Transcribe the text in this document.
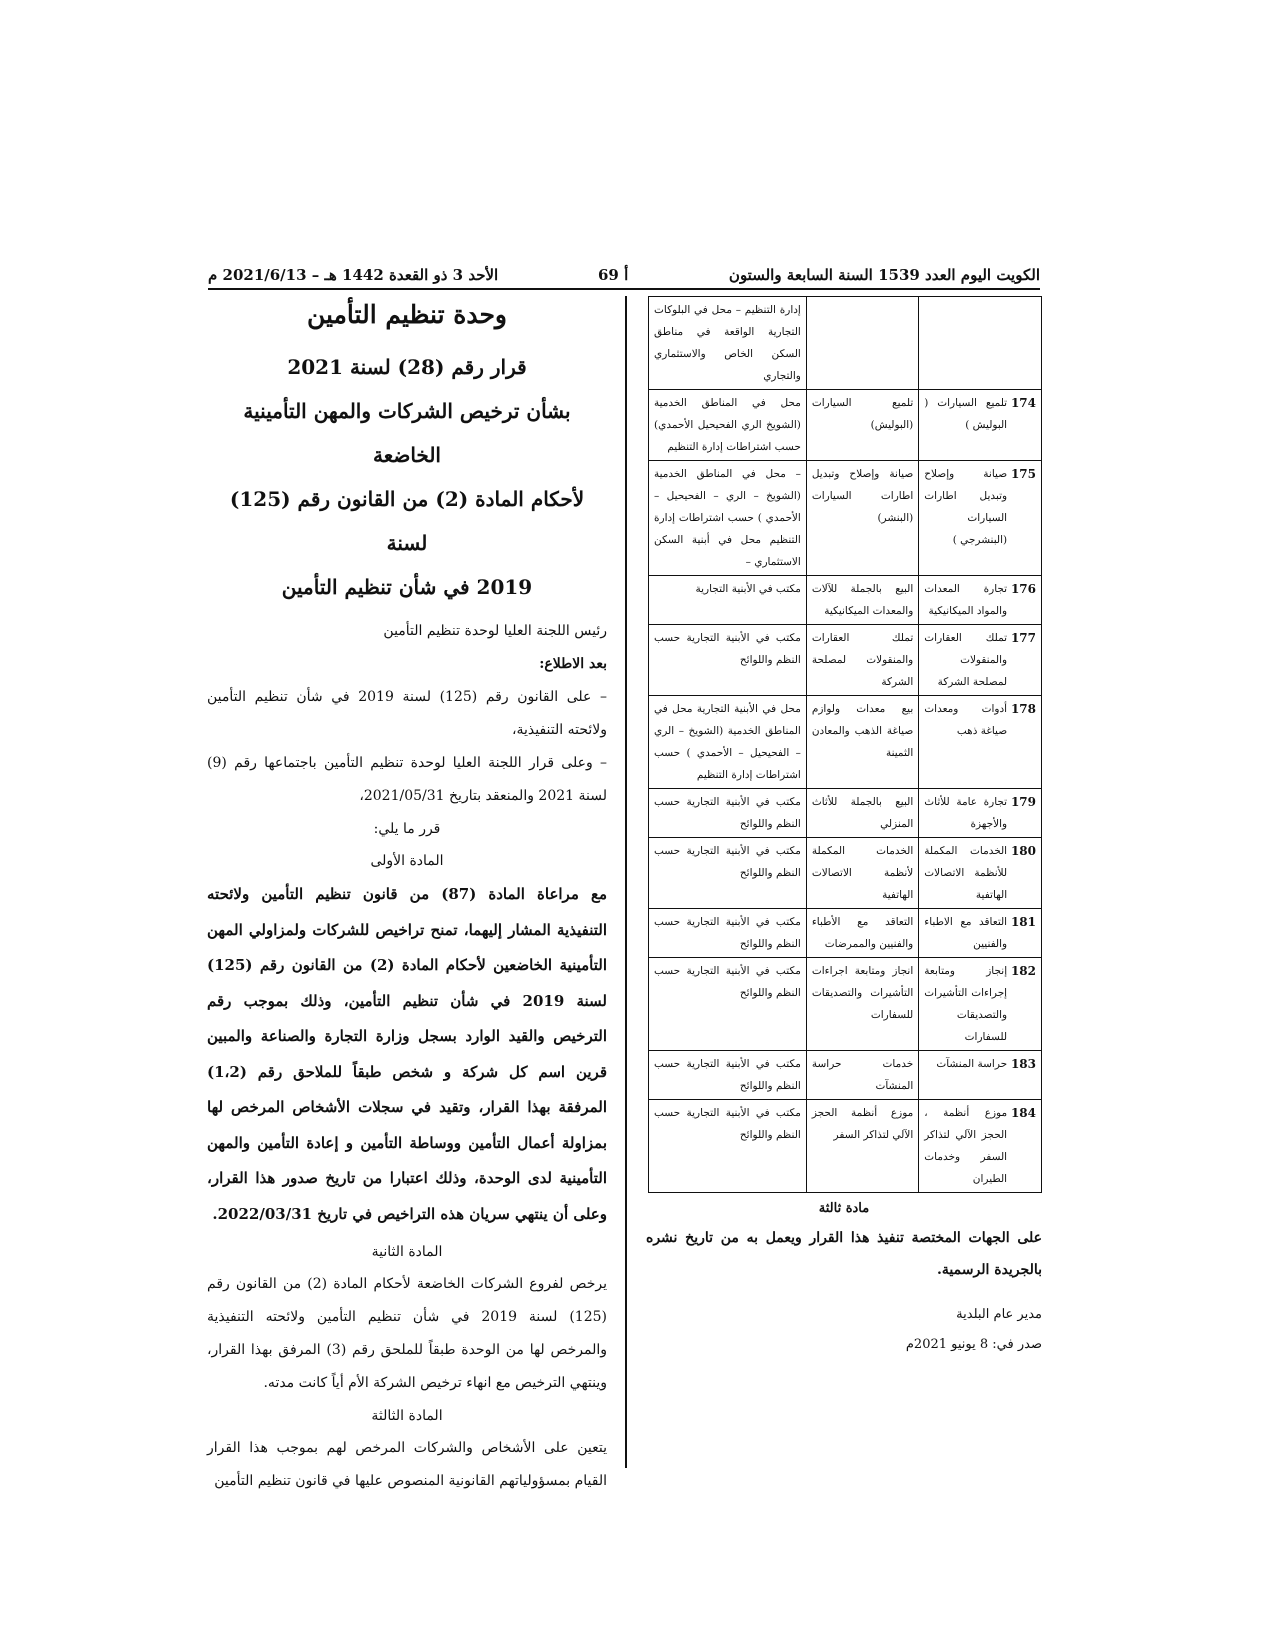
الكويت اليوم العدد 1539 السنة السابعة والستون
أ 69
الأحد 3 ذو القعدة 1442 هـ – 2021/6/13 م

وحدة تنظيم التأمين

قرار رقم (28) لسنة 2021

بشأن ترخيص الشركات والمهن التأمينية الخاضعة

لأحكام المادة (2) من القانون رقم (125) لسنة

2019 في شأن تنظيم التأمين

رئيس اللجنة العليا لوحدة تنظيم التأمين

بعد الاطلاع:

– على القانون رقم (125) لسنة 2019 في شأن تنظيم التأمين ولائحته التنفيذية،

– وعلى قرار اللجنة العليا لوحدة تنظيم التأمين باجتماعها رقم (9) لسنة 2021 والمنعقد بتاريخ 2021/05/31،

قرر ما يلي:

المادة الأولى

مع مراعاة المادة (87) من قانون تنظيم التأمين ولائحته التنفيذية المشار إليهما، تمنح تراخيص للشركات ولمزاولي المهن التأمينية الخاضعين لأحكام المادة (2) من القانون رقم (125) لسنة 2019 في شأن تنظيم التأمين، وذلك بموجب رقم الترخيص والقيد الوارد بسجل وزارة التجارة والصناعة والمبين قرين اسم كل شركة و شخص طبقاً للملاحق رقم (1،2) المرفقة بهذا القرار، وتقيد في سجلات الأشخاص المرخص لها بمزاولة أعمال التأمين ووساطة التأمين و إعادة التأمين والمهن التأمينية لدى الوحدة، وذلك اعتبارا من تاريخ صدور هذا القرار، وعلى أن ينتهي سريان هذه التراخيص في تاريخ 2022/03/31.

المادة الثانية

يرخص لفروع الشركات الخاضعة لأحكام المادة (2) من القانون رقم (125) لسنة 2019 في شأن تنظيم التأمين ولائحته التنفيذية والمرخص لها من الوحدة طبقاً للملحق رقم (3) المرفق بهذا القرار، وينتهي الترخيص مع انهاء ترخيص الشركة الأم أياً كانت مدته.

المادة الثالثة

يتعين على الأشخاص والشركات المرخص لهم بموجب هذا القرار القيام بمسؤولياتهم القانونية المنصوص عليها في قانون تنظيم التأمين

			إدارة التنظيم – محل في البلوكات التجارية الواقعة في مناطق السكن الخاص والاستثماري والتجاري
174	تلميع السيارات ( البوليش )	تلميع السيارات (البوليش)	محل في المناطق الخدمية (الشويخ الري الفحيحيل الأحمدي) حسب اشتراطات إدارة التنظيم
175	صيانة وإصلاح وتبديل اطارات السيارات (البنشرجي )	صيانة وإصلاح وتبديل اطارات السيارات (البنشر)	– محل في المناطق الخدمية (الشويخ – الري – الفحيحيل – الأحمدي ) حسب اشتراطات إدارة التنظيم محل في أبنية السكن الاستثماري –
176	تجارة المعدات والمواد الميكانيكية	البيع بالجملة للآلات والمعدات الميكانيكية	مكتب في الأبنية التجارية
177	تملك العقارات والمنقولات لمصلحة الشركة	تملك العقارات والمنقولات لمصلحة الشركة	مكتب في الأبنية التجارية حسب النظم واللوائح
178	أدوات ومعدات صياغة ذهب	بيع معدات ولوازم صياغة الذهب والمعادن الثمينة	محل في الأبنية التجارية محل في المناطق الخدمية (الشويخ – الري – الفحيحيل – الأحمدي ) حسب اشتراطات إدارة التنظيم
179	تجارة عامة للأثاث والأجهزة	البيع بالجملة للأثاث المنزلي	مكتب في الأبنية التجارية حسب النظم واللوائح
180	الخدمات المكملة للأنظمة الاتصالات الهاتفية	الخدمات المكملة لأنظمة الاتصالات الهاتفية	مكتب في الأبنية التجارية حسب النظم واللوائح
181	التعاقد مع الاطباء والفنيين	التعاقد مع الأطباء والفنيين والممرضات	مكتب في الأبنية التجارية حسب النظم واللوائح
182	إنجاز ومتابعة إجراءات التأشيرات والتصديقات للسفارات	انجاز ومتابعة اجراءات التأشيرات والتصديقات للسفارات	مكتب في الأبنية التجارية حسب النظم واللوائح
183	حراسة المنشآت	خدمات حراسة المنشآت	مكتب في الأبنية التجارية حسب النظم واللوائح
184	موزع أنظمة ، الحجز الآلي لتذاكر السفر وخدمات الطيران	موزع أنظمة الحجز الآلي لتذاكر السفر	مكتب في الأبنية التجارية حسب النظم واللوائح

مادة ثالثة

على الجهات المختصة تنفيذ هذا القرار ويعمل به من تاريخ نشره بالجريدة الرسمية.

مدير عام البلدية

صدر في: 8 يونيو 2021م
